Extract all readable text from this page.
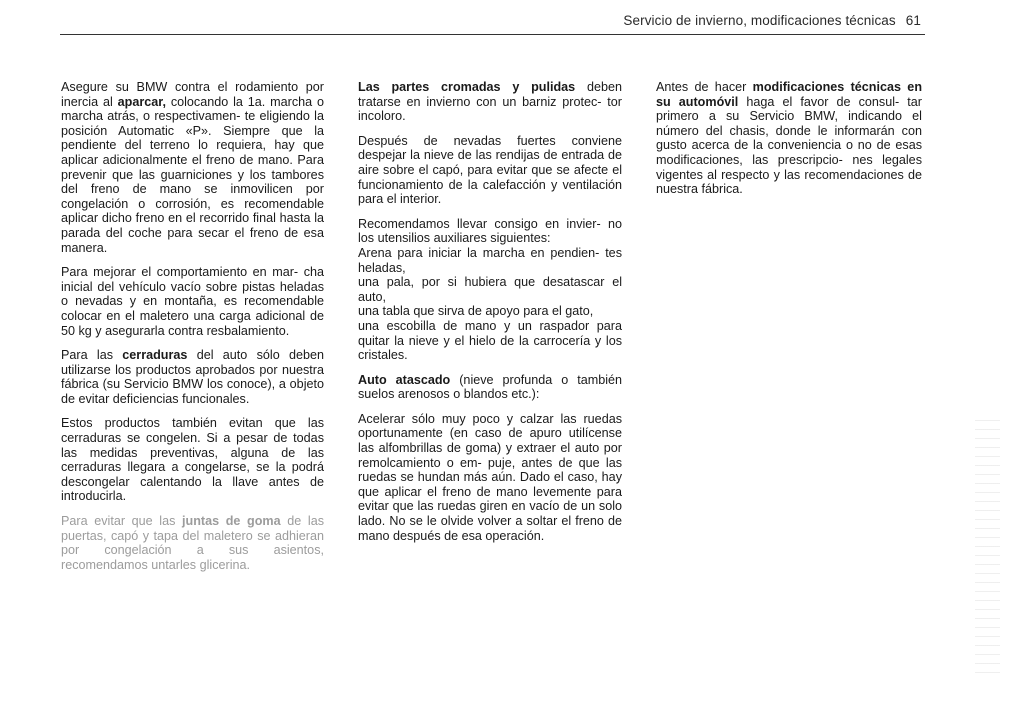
Servicio de invierno, modificaciones técnicas 61

Asegure su BMW contra el rodamiento por inercia al aparcar, colocando la 1a. marcha o marcha atrás, o respectivamen- te eligiendo la posición Automatic «P». Siempre que la pendiente del terreno lo requiera, hay que aplicar adicionalmente el freno de mano. Para prevenir que las guarniciones y los tambores del freno de mano se inmovilicen por congelación o corrosión, es recomendable aplicar dicho freno en el recorrido final hasta la parada del coche para secar el freno de esa manera.

Para mejorar el comportamiento en mar- cha inicial del vehículo vacío sobre pistas heladas o nevadas y en montaña, es recomendable colocar en el maletero una carga adicional de 50 kg y asegurarla contra resbalamiento.

Para las cerraduras del auto sólo deben utilizarse los productos aprobados por nuestra fábrica (su Servicio BMW los conoce), a objeto de evitar deficiencias funcionales.

Estos productos también evitan que las cerraduras se congelen. Si a pesar de todas las medidas preventivas, alguna de las cerraduras llegara a congelarse, se la podrá descongelar calentando la llave antes de introducirla.

Para evitar que las juntas de goma de las puertas, capó y tapa del maletero se adhieran por congelación a sus asientos, recomendamos untarles glicerina.

Las partes cromadas y pulidas deben tratarse en invierno con un barniz protec- tor incoloro.

Después de nevadas fuertes conviene despejar la nieve de las rendijas de entrada de aire sobre el capó, para evitar que se afecte el funcionamiento de la calefacción y ventilación para el interior.

Recomendamos llevar consigo en invier- no los utensilios auxiliares siguientes:
Arena para iniciar la marcha en pendien- tes heladas,
una pala, por si hubiera que desatascar el auto,
una tabla que sirva de apoyo para el gato,
una escobilla de mano y un raspador para quitar la nieve y el hielo de la carrocería y los cristales.

Auto atascado (nieve profunda o también suelos arenosos o blandos etc.):

Acelerar sólo muy poco y calzar las ruedas oportunamente (en caso de apuro utilícense las alfombrillas de goma) y extraer el auto por remolcamiento o em- puje, antes de que las ruedas se hundan más aún. Dado el caso, hay que aplicar el freno de mano levemente para evitar que las ruedas giren en vacío de un solo lado. No se le olvide volver a soltar el freno de mano después de esa operación.

Antes de hacer modificaciones técnicas en su automóvil haga el favor de consul- tar primero a su Servicio BMW, indicando el número del chasis, donde le informarán con gusto acerca de la conveniencia o no de esas modificaciones, las prescripcio- nes legales vigentes al respecto y las recomendaciones de nuestra fábrica.
